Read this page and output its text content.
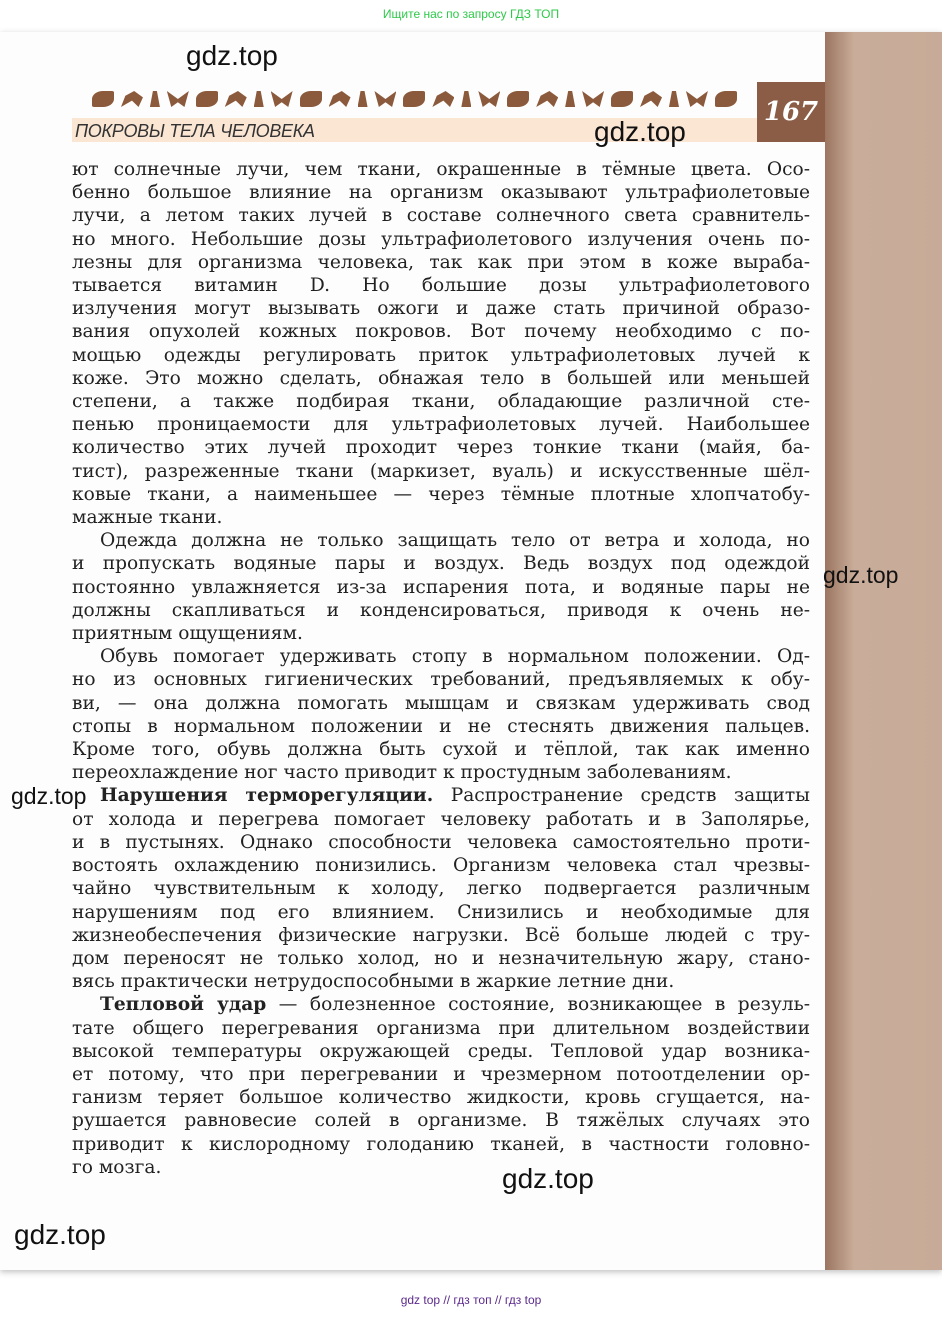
Ищите нас по запросу ГДЗ ТОП
167
ПОКРОВЫ ТЕЛА ЧЕЛОВЕКА
ют солнечные лучи, чем ткани, окрашенные в тёмные цвета. Осо-
бенно большое влияние на организм оказывают ультрафиолетовые
лучи, а летом таких лучей в составе солнечного света сравнитель-
но много. Небольшие дозы ультрафиолетового излучения очень по-
лезны для организма человека, так как при этом в коже выраба-
тывается витамин D. Но большие дозы ультрафиолетового
излучения могут вызывать ожоги и даже стать причиной образо-
вания опухолей кожных покровов. Вот почему необходимо с по-
мощью одежды регулировать приток ультрафиолетовых лучей к
коже. Это можно сделать, обнажая тело в большей или меньшей
степени, а также подбирая ткани, обладающие различной сте-
пенью проницаемости для ультрафиолетовых лучей. Наибольшее
количество этих лучей проходит через тонкие ткани (майя, ба-
тист), разреженные ткани (маркизет, вуаль) и искусственные шёл-
ковые ткани, а наименьшее — через тёмные плотные хлопчатобу-
мажные ткани.
Одежда должна не только защищать тело от ветра и холода, но
и пропускать водяные пары и воздух. Ведь воздух под одеждой
постоянно увлажняется из-за испарения пота, и водяные пары не
должны скапливаться и конденсироваться, приводя к очень не-
приятным ощущениям.
Обувь помогает удерживать стопу в нормальном положении. Од-
но из основных гигиенических требований, предъявляемых к обу-
ви, — она должна помогать мышцам и связкам удерживать свод
стопы в нормальном положении и не стеснять движения пальцев.
Кроме того, обувь должна быть сухой и тёплой, так как именно
переохлаждение ног часто приводит к простудным заболеваниям.
Нарушения терморегуляции. Распространение средств защиты
от холода и перегрева помогает человеку работать и в Заполярье,
и в пустынях. Однако способности человека самостоятельно проти-
востоять охлаждению понизились. Организм человека стал чрезвы-
чайно чувствительным к холоду, легко подвергается различным
нарушениям под его влиянием. Снизились и необходимые для
жизнеобеспечения физические нагрузки. Всё больше людей с тру-
дом переносят не только холод, но и незначительную жару, стано-
вясь практически нетрудоспособными в жаркие летние дни.
Тепловой удар — болезненное состояние, возникающее в резуль-
тате общего перегревания организма при длительном воздействии
высокой температуры окружающей среды. Тепловой удар возника-
ет потому, что при перегревании и чрезмерном потоотделении ор-
ганизм теряет большое количество жидкости, кровь сгущается, на-
рушается равновесие солей в организме. В тяжёлых случаях это
приводит к кислородному голоданию тканей, в частности головно-
го мозга.
gdz.top
gdz.top
gdz.top
gdz.top
gdz.top
gdz.top
gdz top // гдз топ // гдз top
